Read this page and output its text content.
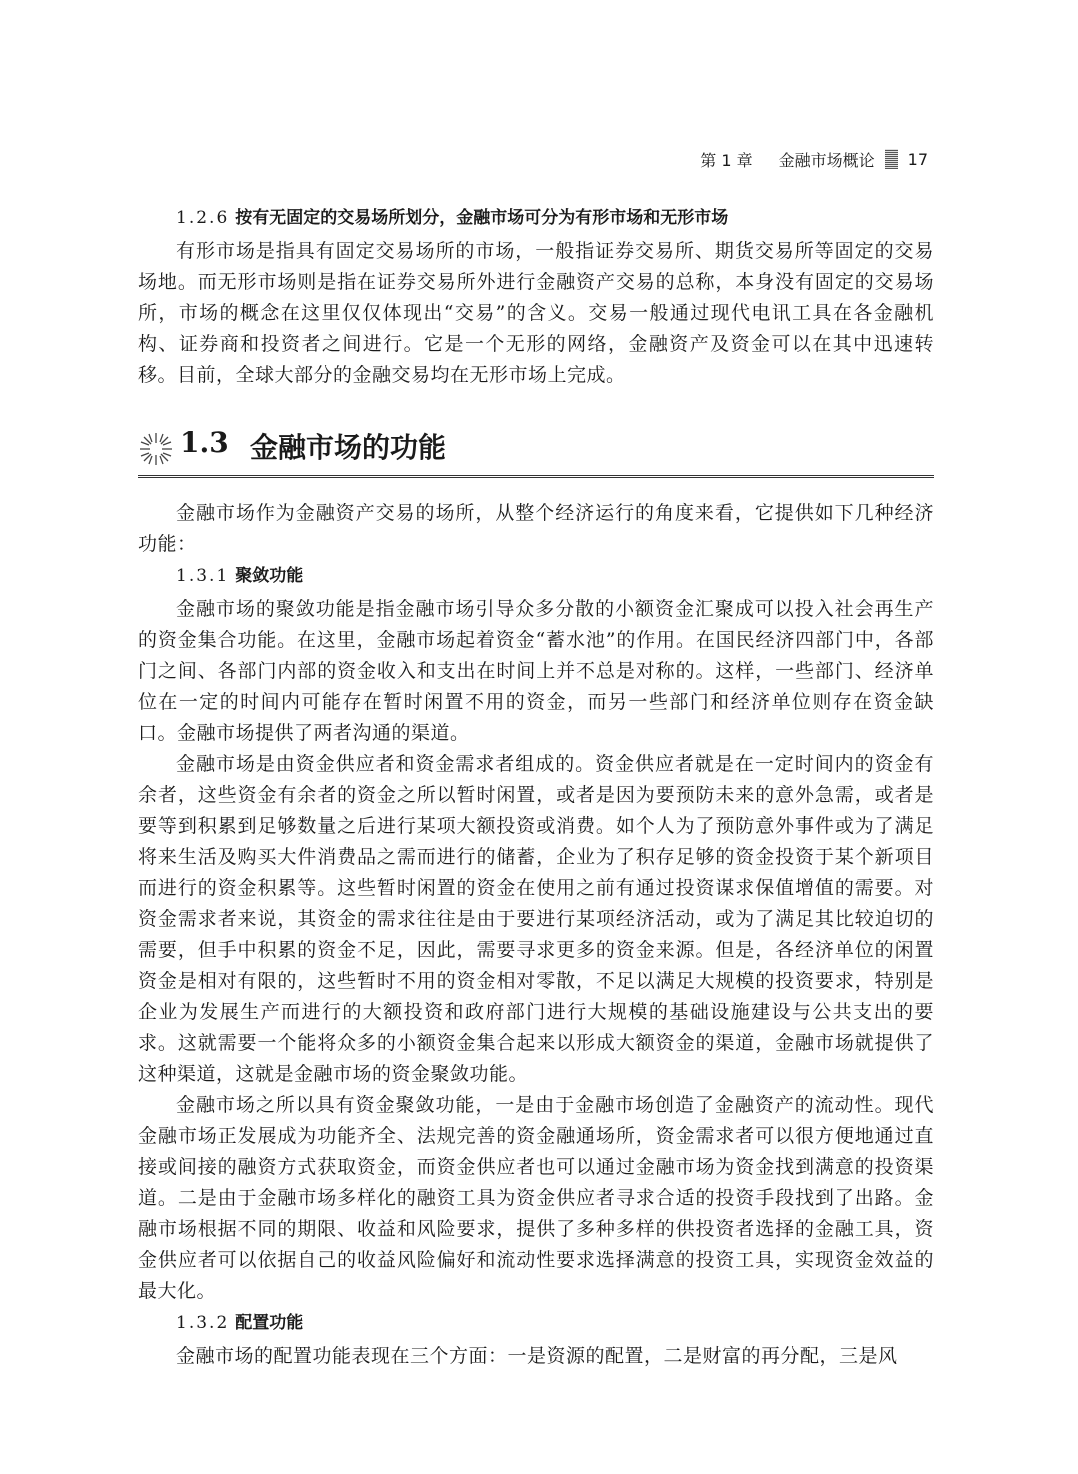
第 1 章 金融市场概论 17
1.2.6 按有无固定的交易场所划分，金融市场可分为有形市场和无形市场

有形市场是指具有固定交易场所的市场，一般指证券交易所、期货交易所等固定的交易场地。而无形市场则是指在证券交易所外进行金融资产交易的总称，本身没有固定的交易场所，市场的概念在这里仅仅体现出“交易”的含义。交易一般通过现代电讯工具在各金融机构、证券商和投资者之间进行。它是一个无形的网络，金融资产及资金可以在其中迅速转移。目前，全球大部分的金融交易均在无形市场上完成。

1.3 金融市场的功能

金融市场作为金融资产交易的场所，从整个经济运行的角度来看，它提供如下几种经济功能：

1.3.1 聚敛功能

金融市场的聚敛功能是指金融市场引导众多分散的小额资金汇聚成可以投入社会再生产的资金集合功能。在这里，金融市场起着资金“蓄水池”的作用。在国民经济四部门中，各部门之间、各部门内部的资金收入和支出在时间上并不总是对称的。这样，一些部门、经济单位在一定的时间内可能存在暂时闲置不用的资金，而另一些部门和经济单位则存在资金缺口。金融市场提供了两者沟通的渠道。

金融市场是由资金供应者和资金需求者组成的。资金供应者就是在一定时间内的资金有余者，这些资金有余者的资金之所以暂时闲置，或者是因为要预防未来的意外急需，或者是要等到积累到足够数量之后进行某项大额投资或消费。如个人为了预防意外事件或为了满足将来生活及购买大件消费品之需而进行的储蓄，企业为了积存足够的资金投资于某个新项目而进行的资金积累等。这些暂时闲置的资金在使用之前有通过投资谋求保值增值的需要。对资金需求者来说，其资金的需求往往是由于要进行某项经济活动，或为了满足其比较迫切的需要，但手中积累的资金不足，因此，需要寻求更多的资金来源。但是，各经济单位的闲置资金是相对有限的，这些暂时不用的资金相对零散，不足以满足大规模的投资要求，特别是企业为发展生产而进行的大额投资和政府部门进行大规模的基础设施建设与公共支出的要求。这就需要一个能将众多的小额资金集合起来以形成大额资金的渠道，金融市场就提供了这种渠道，这就是金融市场的资金聚敛功能。

金融市场之所以具有资金聚敛功能，一是由于金融市场创造了金融资产的流动性。现代金融市场正发展成为功能齐全、法规完善的资金融通场所，资金需求者可以很方便地通过直接或间接的融资方式获取资金，而资金供应者也可以通过金融市场为资金找到满意的投资渠道。二是由于金融市场多样化的融资工具为资金供应者寻求合适的投资手段找到了出路。金融市场根据不同的期限、收益和风险要求，提供了多种多样的供投资者选择的金融工具，资金供应者可以依据自己的收益风险偏好和流动性要求选择满意的投资工具，实现资金效益的最大化。

1.3.2 配置功能

金融市场的配置功能表现在三个方面：一是资源的配置，二是财富的再分配，三是风
